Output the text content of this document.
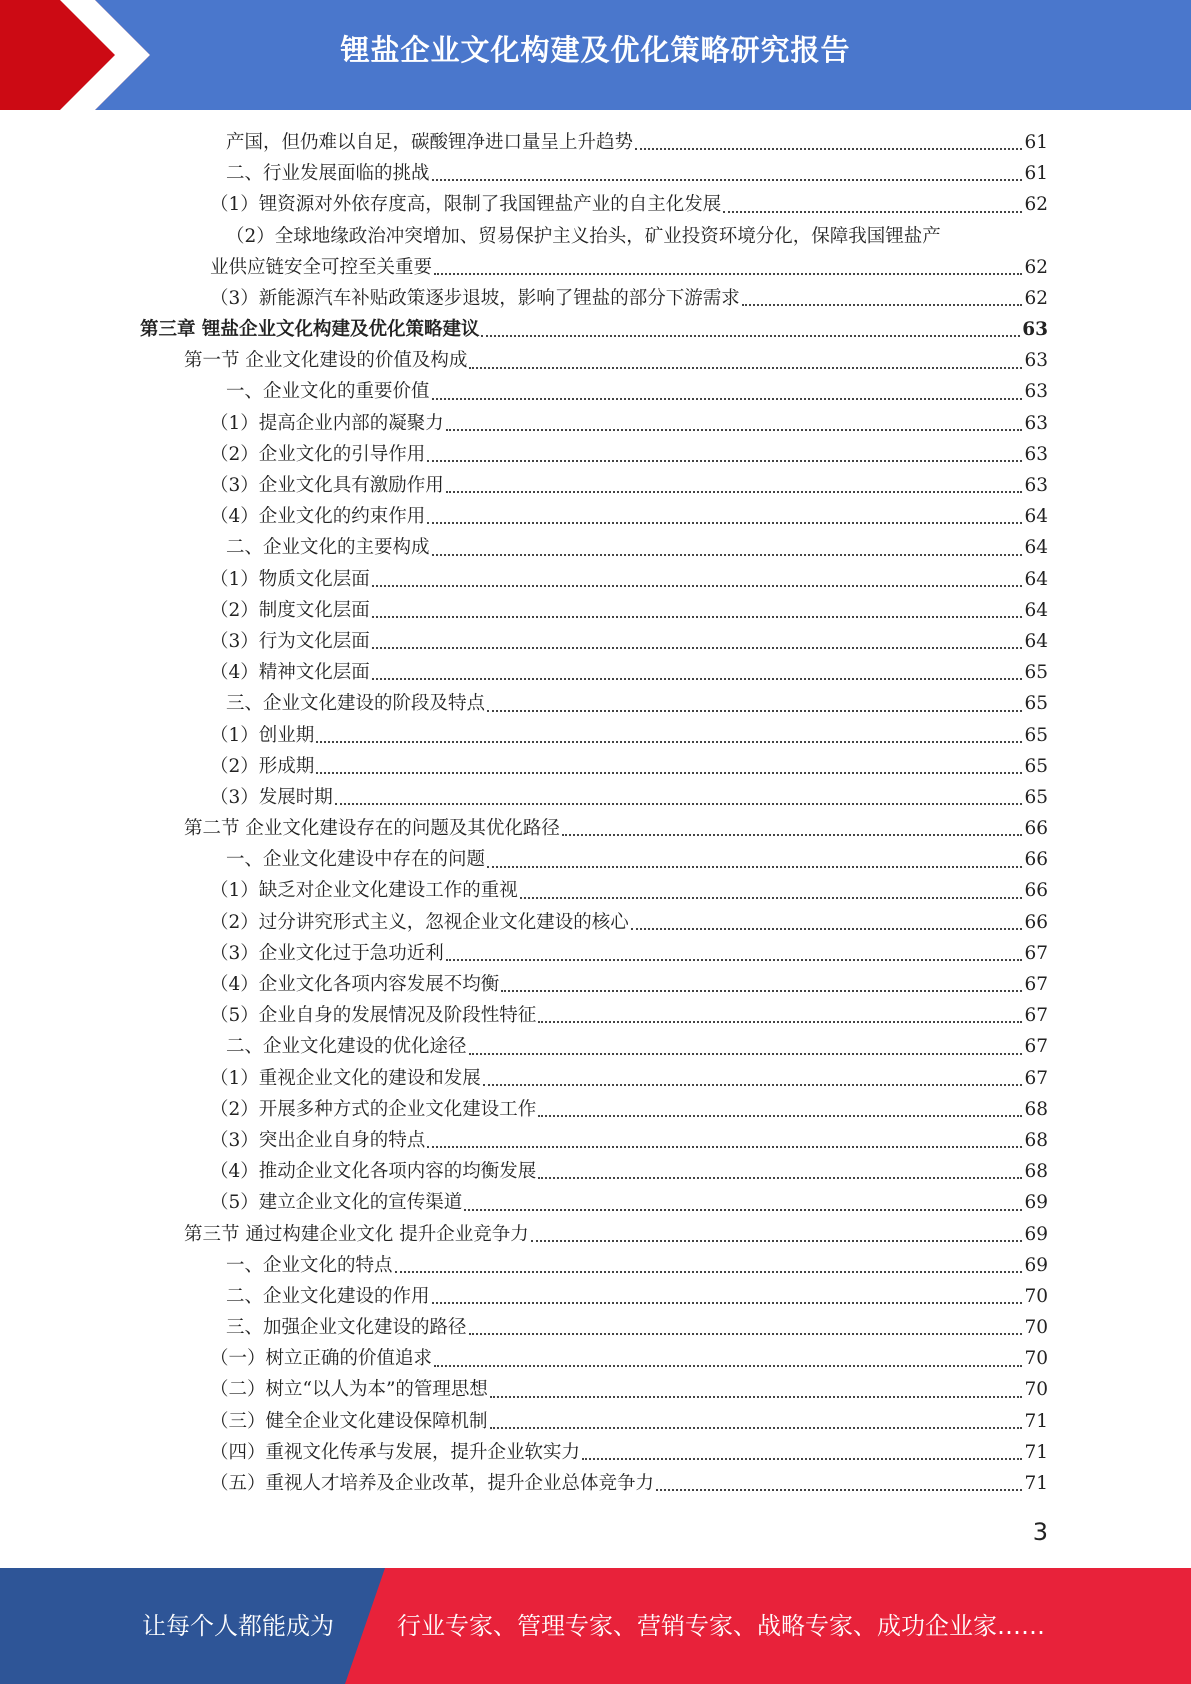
锂盐企业文化构建及优化策略研究报告
产国，但仍难以自足，碳酸锂净进口量呈上升趋势	61
二、行业发展面临的挑战	61
（1）锂资源对外依存度高，限制了我国锂盐产业的自主化发展	62
（2）全球地缘政治冲突增加、贸易保护主义抬头，矿业投资环境分化，保障我国锂盐产
业供应链安全可控至关重要	62
（3）新能源汽车补贴政策逐步退坡，影响了锂盐的部分下游需求	62
第三章 锂盐企业文化构建及优化策略建议	63
第一节 企业文化建设的价值及构成	63
一、企业文化的重要价值	63
（1）提高企业内部的凝聚力	63
（2）企业文化的引导作用	63
（3）企业文化具有激励作用	63
（4）企业文化的约束作用	64
二、企业文化的主要构成	64
（1）物质文化层面	64
（2）制度文化层面	64
（3）行为文化层面	64
（4）精神文化层面	65
三、企业文化建设的阶段及特点	65
（1）创业期	65
（2）形成期	65
（3）发展时期	65
第二节 企业文化建设存在的问题及其优化路径	66
一、企业文化建设中存在的问题	66
（1）缺乏对企业文化建设工作的重视	66
（2）过分讲究形式主义，忽视企业文化建设的核心	66
（3）企业文化过于急功近利	67
（4）企业文化各项内容发展不均衡	67
（5）企业自身的发展情况及阶段性特征	67
二、企业文化建设的优化途径	67
（1）重视企业文化的建设和发展	67
（2）开展多种方式的企业文化建设工作	68
（3）突出企业自身的特点	68
（4）推动企业文化各项内容的均衡发展	68
（5）建立企业文化的宣传渠道	69
第三节 通过构建企业文化 提升企业竞争力	69
一、企业文化的特点	69
二、企业文化建设的作用	70
三、加强企业文化建设的路径	70
（一）树立正确的价值追求	70
（二）树立“以人为本”的管理思想	70
（三）健全企业文化建设保障机制	71
（四）重视文化传承与发展，提升企业软实力	71
（五）重视人才培养及企业改革，提升企业总体竞争力	71
3
让每个人都能成为	行业专家、管理专家、营销专家、战略专家、成功企业家……
